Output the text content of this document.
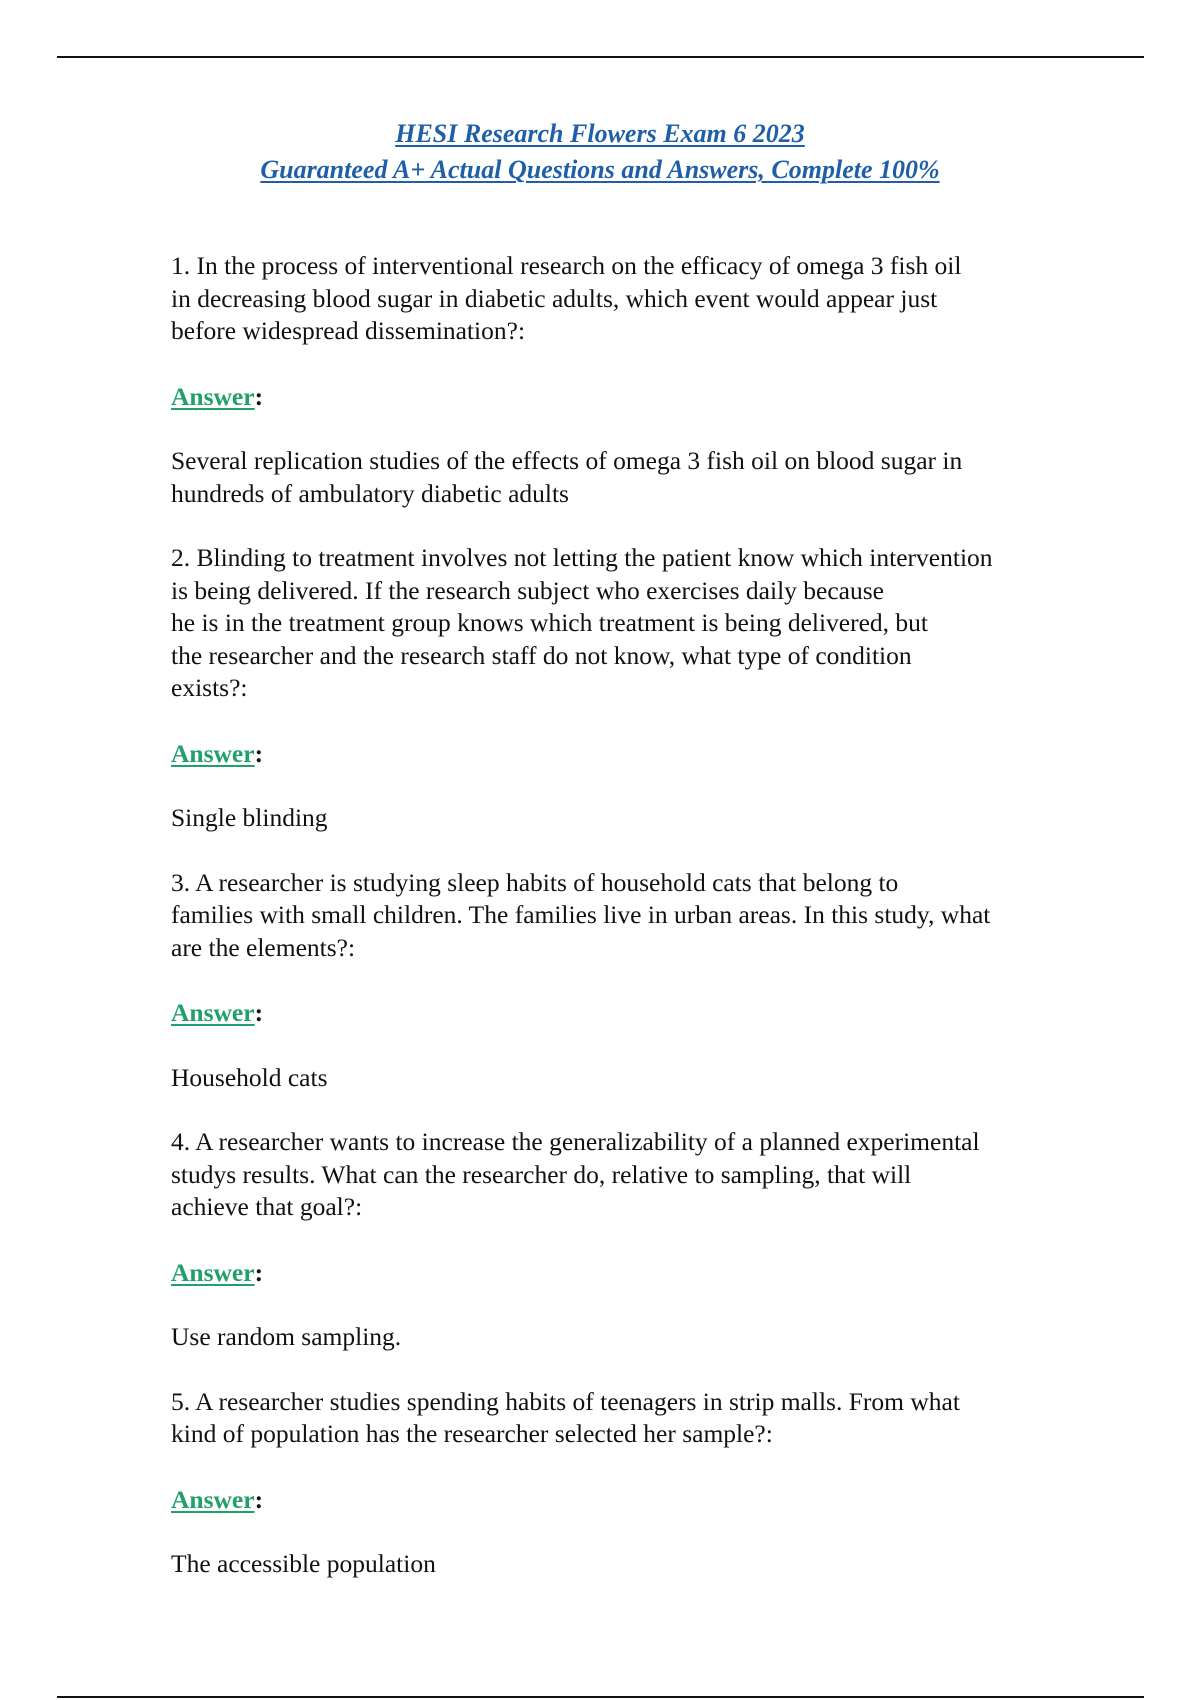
HESI Research Flowers Exam 6 2023

Guaranteed A+ Actual Questions and Answers, Complete 100%

1. In the process of interventional research on the efficacy of omega 3 fish oil
in decreasing blood sugar in diabetic adults, which event would appear just
before widespread dissemination?:
Answer:
Several replication studies of the effects of omega 3 fish oil on blood sugar in
hundreds of ambulatory diabetic adults
2. Blinding to treatment involves not letting the patient know which intervention
is being delivered. If the research subject who exercises daily because
he is in the treatment group knows which treatment is being delivered, but
the researcher and the research staff do not know, what type of condition
exists?:
Answer:
Single blinding
3. A researcher is studying sleep habits of household cats that belong to
families with small children. The families live in urban areas. In this study, what
are the elements?:
Answer:
Household cats
4. A researcher wants to increase the generalizability of a planned experimental
studys results. What can the researcher do, relative to sampling, that will
achieve that goal?:
Answer:
Use random sampling.
5. A researcher studies spending habits of teenagers in strip malls. From what
kind of population has the researcher selected her sample?:
Answer:
The accessible population
